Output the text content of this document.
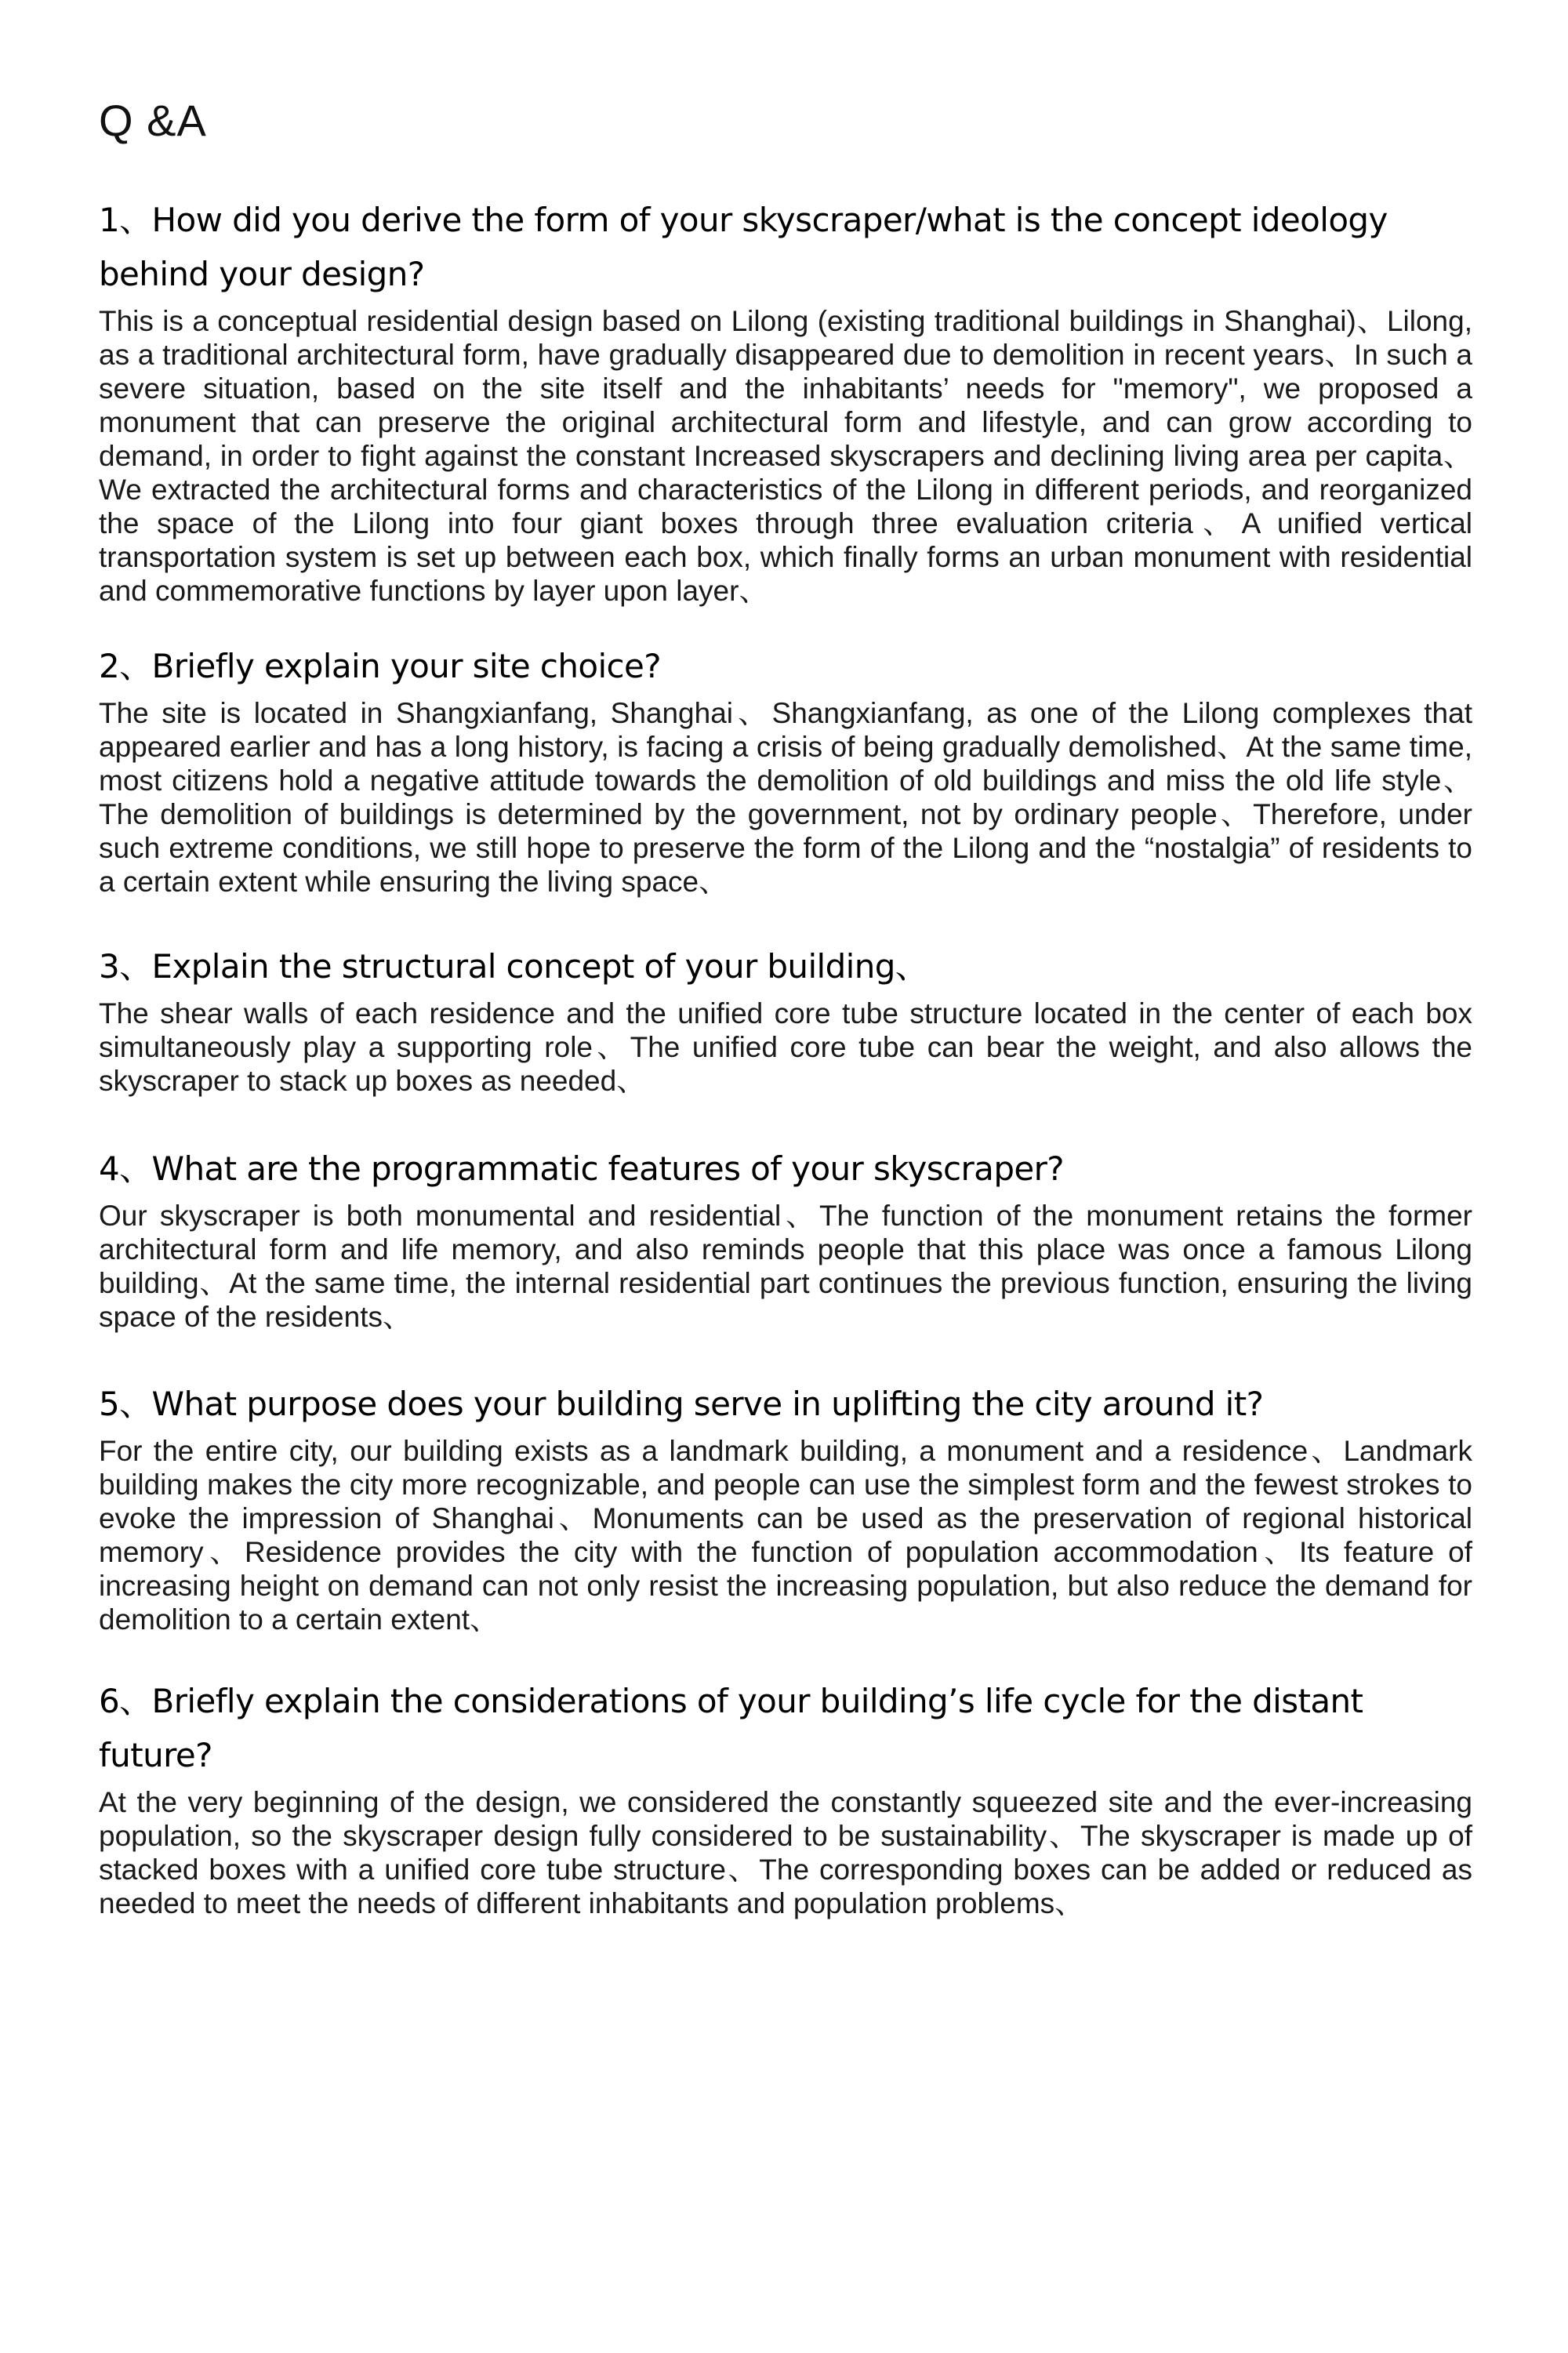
Q &A
1、How did you derive the form of your skyscraper/what is the concept ideology behind your design?

This is a conceptual residential design based on Lilong (existing traditional buildings in Shanghai)、Lilong, as a traditional architectural form, have gradually disappeared due to demolition in recent years、In such a severe situation, based on the site itself and the inhabitants’ needs for "memory", we proposed a monument that can preserve the original architectural form and lifestyle, and can grow according to demand, in order to fight against the constant Increased skyscrapers and declining living area per capita、We extracted the architectural forms and characteristics of the Lilong in different periods, and reorganized the space of the Lilong into four giant boxes through three evaluation criteria、A unified vertical transportation system is set up between each box, which finally forms an urban monument with residential and commemorative functions by layer upon layer、

2、Briefly explain your site choice?

The site is located in Shangxianfang, Shanghai、Shangxianfang, as one of the Lilong complexes that appeared earlier and has a long history, is facing a crisis of being gradually demolished、At the same time, most citizens hold a negative attitude towards the demolition of old buildings and miss the old life style、The demolition of buildings is determined by the government, not by ordinary people、Therefore, under such extreme conditions, we still hope to preserve the form of the Lilong and the “nostalgia” of residents to a certain extent while ensuring the living space、

3、Explain the structural concept of your building、

The shear walls of each residence and the unified core tube structure located in the center of each box simultaneously play a supporting role、The unified core tube can bear the weight, and also allows the skyscraper to stack up boxes as needed、

4、What are the programmatic features of your skyscraper?

Our skyscraper is both monumental and residential、The function of the monument retains the former architectural form and life memory, and also reminds people that this place was once a famous Lilong building、At the same time, the internal residential part continues the previous function, ensuring the living space of the residents、

5、What purpose does your building serve in uplifting the city around it?

For the entire city, our building exists as a landmark building, a monument and a residence、Landmark building makes the city more recognizable, and people can use the simplest form and the fewest strokes to evoke the impression of Shanghai、Monuments can be used as the preservation of regional historical memory、Residence provides the city with the function of population accommodation、Its feature of increasing height on demand can not only resist the increasing population, but also reduce the demand for demolition to a certain extent、

6、Briefly explain the considerations of your building’s life cycle for the distant future?

At the very beginning of the design, we considered the constantly squeezed site and the ever-increasing population, so the skyscraper design fully considered to be sustainability、The skyscraper is made up of stacked boxes with a unified core tube structure、The corresponding boxes can be added or reduced as needed to meet the needs of different inhabitants and population problems、
